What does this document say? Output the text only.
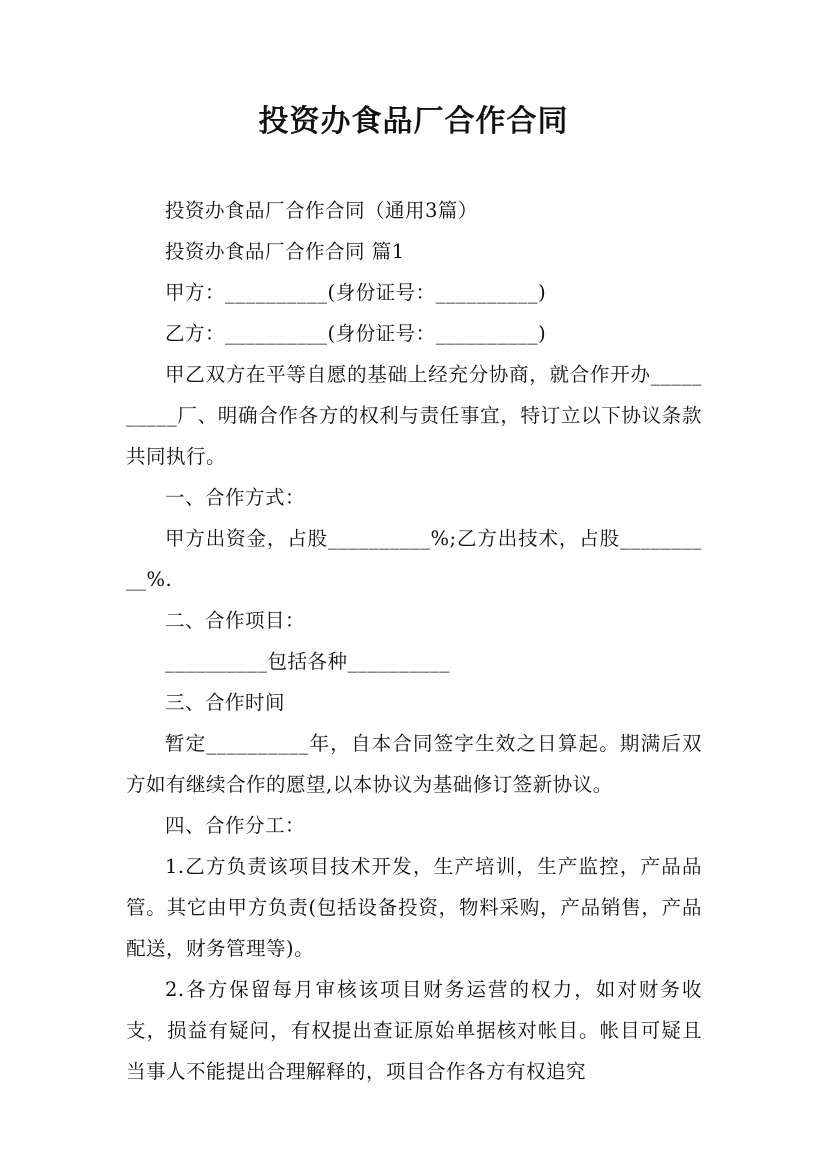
投资办食品厂合作合同

投资办食品厂合作合同（通用3篇）

投资办食品厂合作合同 篇1

甲方：__________(身份证号：__________)

乙方：__________(身份证号：__________)

甲乙双方在平等自愿的基础上经充分协商，就合作开办__________厂、明确合作各方的权利与责任事宜，特订立以下协议条款共同执行。

一、合作方式：

甲方出资金，占股__________%;乙方出技术，占股__________%.

二、合作项目：

__________包括各种__________

三、合作时间

暂定__________年，自本合同签字生效之日算起。期满后双方如有继续合作的愿望,以本协议为基础修订签新协议。

四、合作分工：

1.乙方负责该项目技术开发，生产培训，生产监控，产品品管。其它由甲方负责(包括设备投资，物料采购，产品销售，产品配送，财务管理等)。

2.各方保留每月审核该项目财务运营的权力，如对财务收支，损益有疑问，有权提出查证原始单据核对帐目。帐目可疑且当事人不能提出合理解释的，项目合作各方有权追究
